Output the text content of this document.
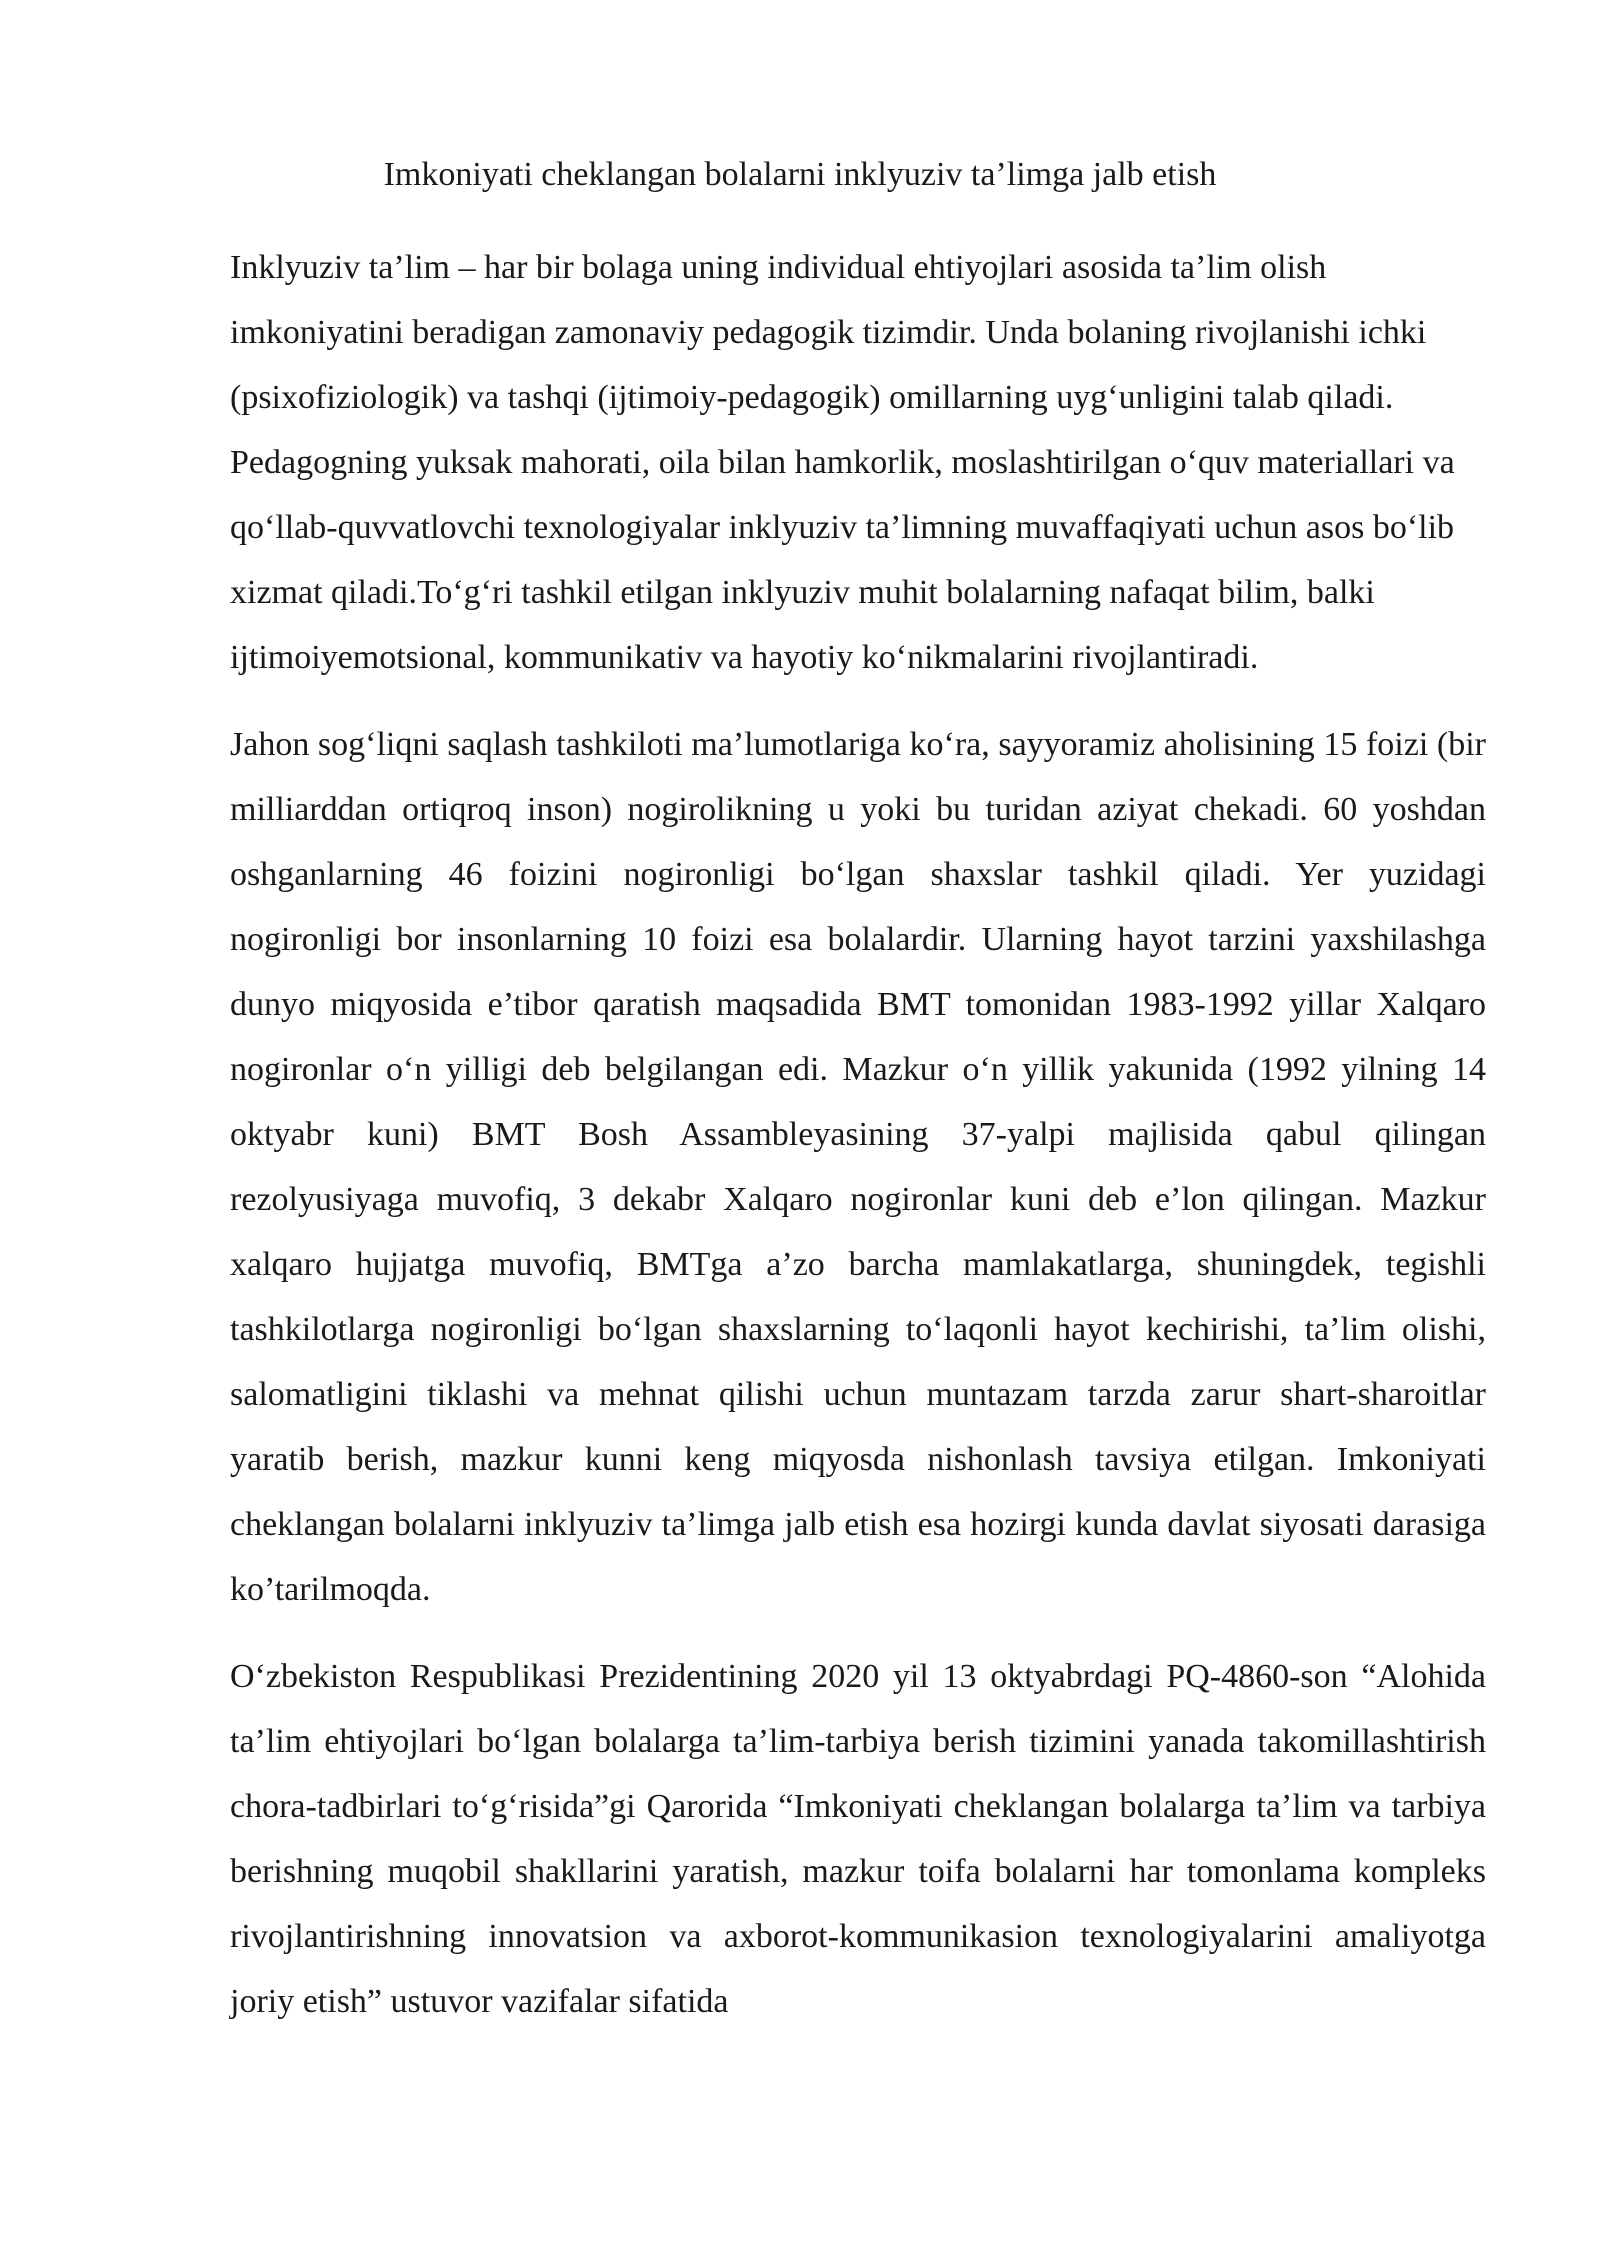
Imkoniyati cheklangan bolalarni inklyuziv ta’limga jalb etish

Inklyuziv ta’lim – har bir bolaga uning individual ehtiyojlari asosida ta’lim olish imkoniyatini beradigan zamonaviy pedagogik tizimdir. Unda bolaning rivojlanishi ichki (psixofiziologik) va tashqi (ijtimoiy-pedagogik) omillarning uygʻunligini talab qiladi. Pedagogning yuksak mahorati, oila bilan hamkorlik, moslashtirilgan oʻquv materiallari va qoʻllab-quvvatlovchi texnologiyalar inklyuziv ta’limning muvaffaqiyati uchun asos boʻlib xizmat qiladi.Toʻgʻri tashkil etilgan inklyuziv muhit bolalarning nafaqat bilim, balki ijtimoiyemotsional, kommunikativ va hayotiy koʻnikmalarini rivojlantiradi.

Jahon sogʻliqni saqlash tashkiloti ma’lumotlariga koʻra, sayyoramiz aholisining 15 foizi (bir milliarddan ortiqroq inson) nogirolikning u yoki bu turidan aziyat chekadi. 60 yoshdan oshganlarning 46 foizini nogironligi boʻlgan shaxslar tashkil qiladi. Yer yuzidagi nogironligi bor insonlarning 10 foizi esa bolalardir. Ularning hayot tarzini yaxshilashga dunyo miqyosida e’tibor qaratish maqsadida BMT tomonidan 1983-1992 yillar Xalqaro nogironlar oʻn yilligi deb belgilangan edi. Mazkur oʻn yillik yakunida (1992 yilning 14 oktyabr kuni) BMT Bosh Assambleyasining 37-yalpi majlisida qabul qilingan rezolyusiyaga muvofiq, 3 dekabr Xalqaro nogironlar kuni deb e’lon qilingan. Mazkur xalqaro hujjatga muvofiq, BMTga a’zo barcha mamlakatlarga, shuningdek, tegishli tashkilotlarga nogironligi boʻlgan shaxslarning toʻlaqonli hayot kechirishi, ta’lim olishi, salomatligini tiklashi va mehnat qilishi uchun muntazam tarzda zarur shart-sharoitlar yaratib berish, mazkur kunni keng miqyosda nishonlash tavsiya etilgan. Imkoniyati cheklangan bolalarni inklyuziv ta’limga jalb etish esa hozirgi kunda davlat siyosati darasiga ko’tarilmoqda.

Oʻzbekiston Respublikasi Prezidentining 2020 yil 13 oktyabrdagi PQ-4860-son “Alohida ta’lim ehtiyojlari boʻlgan bolalarga ta’lim-tarbiya berish tizimini yanada takomillashtirish chora-tadbirlari toʻgʻrisida”gi Qarorida “Imkoniyati cheklangan bolalarga ta’lim va tarbiya berishning muqobil shakllarini yaratish, mazkur toifa bolalarni har tomonlama kompleks rivojlantirishning innovatsion va axborot-kommunikasion texnologiyalarini amaliyotga joriy etish” ustuvor vazifalar sifatida
